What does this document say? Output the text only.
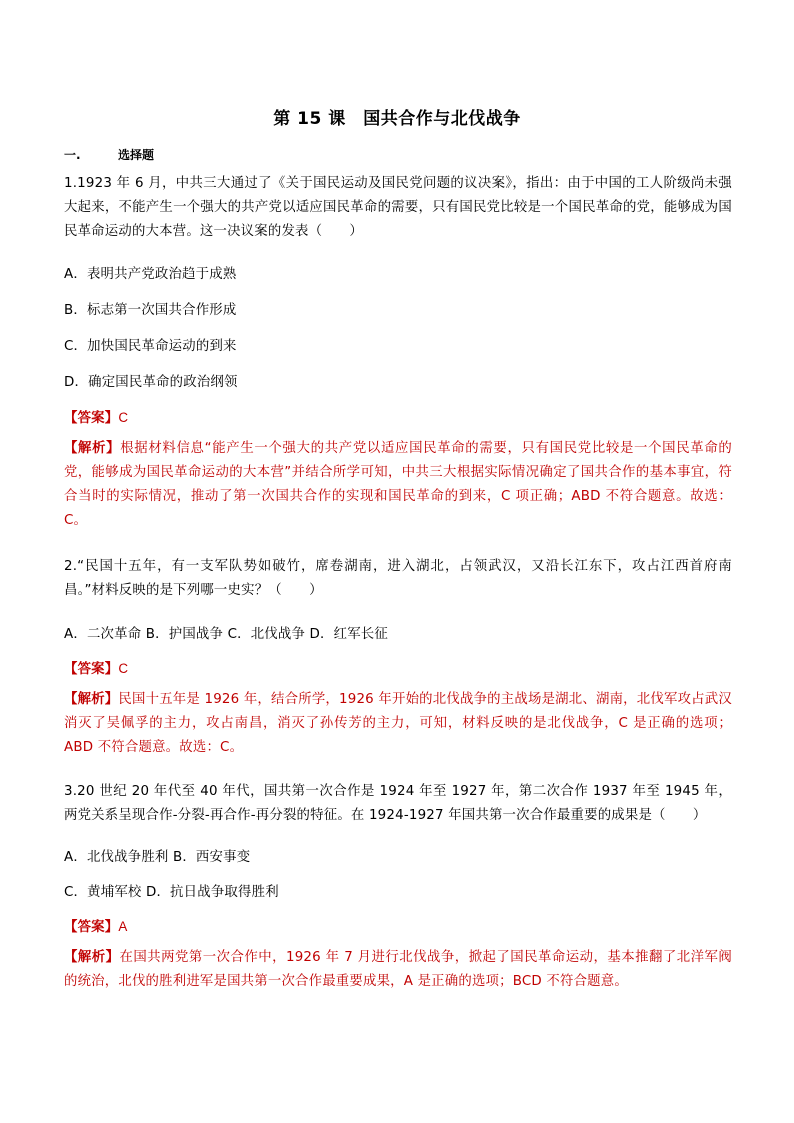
第 15 课　国共合作与北伐战争
一.	选择题
1.1923 年 6 月，中共三大通过了《关于国民运动及国民党问题的议决案》，指出：由于中国的工人阶级尚未强大起来，不能产生一个强大的共产党以适应国民革命的需要，只有国民党比较是一个国民革命的党，能够成为国民革命运动的大本营。这一决议案的发表（　　）
A．表明共产党政治趋于成熟
B．标志第一次国共合作形成
C．加快国民革命运动的到来
D．确定国民革命的政治纲领
【答案】C
【解析】根据材料信息“能产生一个强大的共产党以适应国民革命的需要，只有国民党比较是一个国民革命的党，能够成为国民革命运动的大本营”并结合所学可知，中共三大根据实际情况确定了国共合作的基本事宜，符合当时的实际情况，推动了第一次国共合作的实现和国民革命的到来，C 项正确；ABD 不符合题意。故选：C。
2.“民国十五年，有一支军队势如破竹，席卷湖南，进入湖北，占领武汉，又沿长江东下，攻占江西首府南昌。”材料反映的是下列哪一史实？（　　）
A．二次革命 B．护国战争 C．北伐战争 D．红军长征
【答案】C
【解析】民国十五年是 1926 年，结合所学，1926 年开始的北伐战争的主战场是湖北、湖南，北伐军攻占武汉消灭了吴佩孚的主力，攻占南昌，消灭了孙传芳的主力，可知，材料反映的是北伐战争，C 是正确的选项；ABD 不符合题意。故选：C。
3.20 世纪 20 年代至 40 年代，国共第一次合作是 1924 年至 1927 年，第二次合作 1937 年至 1945 年，两党关系呈现合作-分裂-再合作-再分裂的特征。在 1924-1927 年国共第一次合作最重要的成果是（　　）
A．北伐战争胜利 B．西安事变
C．黄埔军校 D．抗日战争取得胜利
【答案】A
【解析】在国共两党第一次合作中，1926 年 7 月进行北伐战争，掀起了国民革命运动，基本推翻了北洋军阀的统治，北伐的胜利进军是国共第一次合作最重要成果，A 是正确的选项；BCD 不符合题意。
